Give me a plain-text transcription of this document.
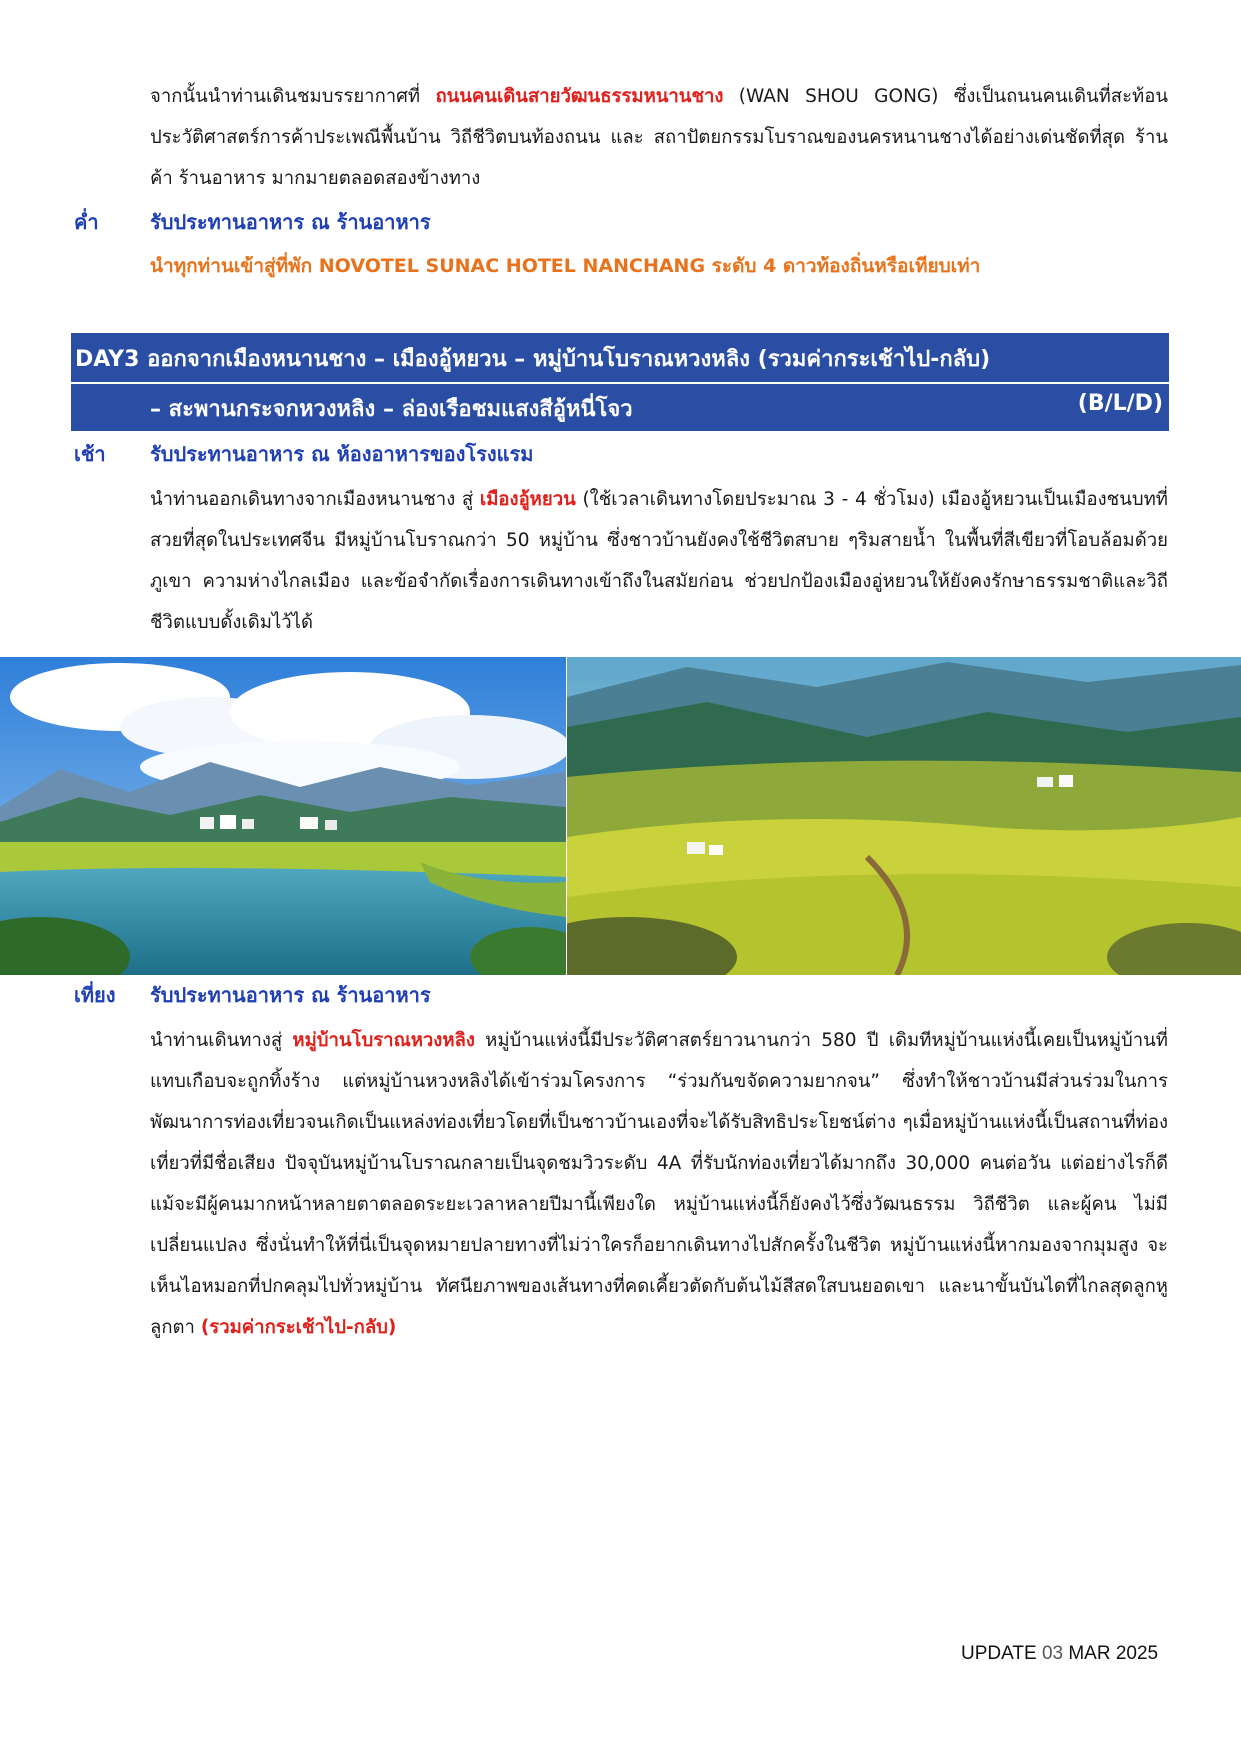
จากนั้นนำท่านเดินชมบรรยากาศที่ ถนนคนเดินสายวัฒนธรรมหนานชาง (WAN SHOU GONG) ซึ่งเป็นถนนคนเดินที่สะท้อนประวัติศาสตร์การค้าประเพณีพื้นบ้าน วิถีชีวิตบนท้องถนน และ สถาปัตยกรรมโบราณของนครหนานชางได้อย่างเด่นชัดที่สุด ร้านค้า ร้านอาหาร มากมายตลอดสองข้างทาง
ค่ำ	รับประทานอาหาร ณ ร้านอาหาร
นำทุกท่านเข้าสู่ที่พัก NOVOTEL SUNAC HOTEL NANCHANG ระดับ 4 ดาวท้องถิ่นหรือเทียบเท่า
DAY3 ออกจากเมืองหนานชาง – เมืองอู้หยวน – หมู่บ้านโบราณหวงหลิง (รวมค่ากระเช้าไป-กลับ)
– สะพานกระจกหวงหลิง – ล่องเรือชมแสงสีอู้หนี่โจว	(B/L/D)
เช้า รับประทานอาหาร ณ ห้องอาหารของโรงแรม
นำท่านออกเดินทางจากเมืองหนานชาง สู่ เมืองอู้หยวน (ใช้เวลาเดินทางโดยประมาณ 3 - 4 ชั่วโมง) เมืองอู้หยวนเป็นเมืองชนบทที่สวยที่สุดในประเทศจีน มีหมู่บ้านโบราณกว่า 50 หมู่บ้าน ซึ่งชาวบ้านยังคงใช้ชีวิตสบาย ๆริมสายน้ำ ในพื้นที่สีเขียวที่โอบล้อมด้วยภูเขา ความห่างไกลเมือง และข้อจำกัดเรื่องการเดินทางเข้าถึงในสมัยก่อน ช่วยปกป้องเมืองอู่หยวนให้ยังคงรักษาธรรมชาติและวิถีชีวิตแบบดั้งเดิมไว้ได้
เที่ยง รับประทานอาหาร ณ ร้านอาหาร
นำท่านเดินทางสู่ หมู่บ้านโบราณหวงหลิง หมู่บ้านแห่งนี้มีประวัติศาสตร์ยาวนานกว่า 580 ปี เดิมทีหมู่บ้านแห่งนี้เคยเป็นหมู่บ้านที่แทบเกือบจะถูกทิ้งร้าง แต่หมู่บ้านหวงหลิงได้เข้าร่วมโครงการ “ร่วมกันขจัดความยากจน” ซึ่งทำให้ชาวบ้านมีส่วนร่วมในการพัฒนาการท่องเที่ยวจนเกิดเป็นแหล่งท่องเที่ยวโดยที่เป็นชาวบ้านเองที่จะได้รับสิทธิประโยชน์ต่าง ๆเมื่อหมู่บ้านแห่งนี้เป็นสถานที่ท่องเที่ยวที่มีชื่อเสียง ปัจจุบันหมู่บ้านโบราณกลายเป็นจุดชมวิวระดับ 4A ที่รับนักท่องเที่ยวได้มากถึง 30,000 คนต่อวัน แต่อย่างไรก็ดีแม้จะมีผู้คนมากหน้าหลายตาตลอดระยะเวลาหลายปีมานี้เพียงใด หมู่บ้านแห่งนี้ก็ยังคงไว้ซึ่งวัฒนธรรม วิถีชีวิต และผู้คน ไม่มีเปลี่ยนแปลง ซึ่งนั่นทำให้ที่นี่เป็นจุดหมายปลายทางที่ไม่ว่าใครก็อยากเดินทางไปสักครั้งในชีวิต หมู่บ้านแห่งนี้หากมองจากมุมสูง จะเห็นไอหมอกที่ปกคลุมไปทั่วหมู่บ้าน ทัศนียภาพของเส้นทางที่คดเคี้ยวตัดกับต้นไม้สีสดใสบนยอดเขา และนาขั้นบันไดที่ไกลสุดลูกหูลูกตา (รวมค่ากระเช้าไป-กลับ)
UPDATE 03 MAR 2025
